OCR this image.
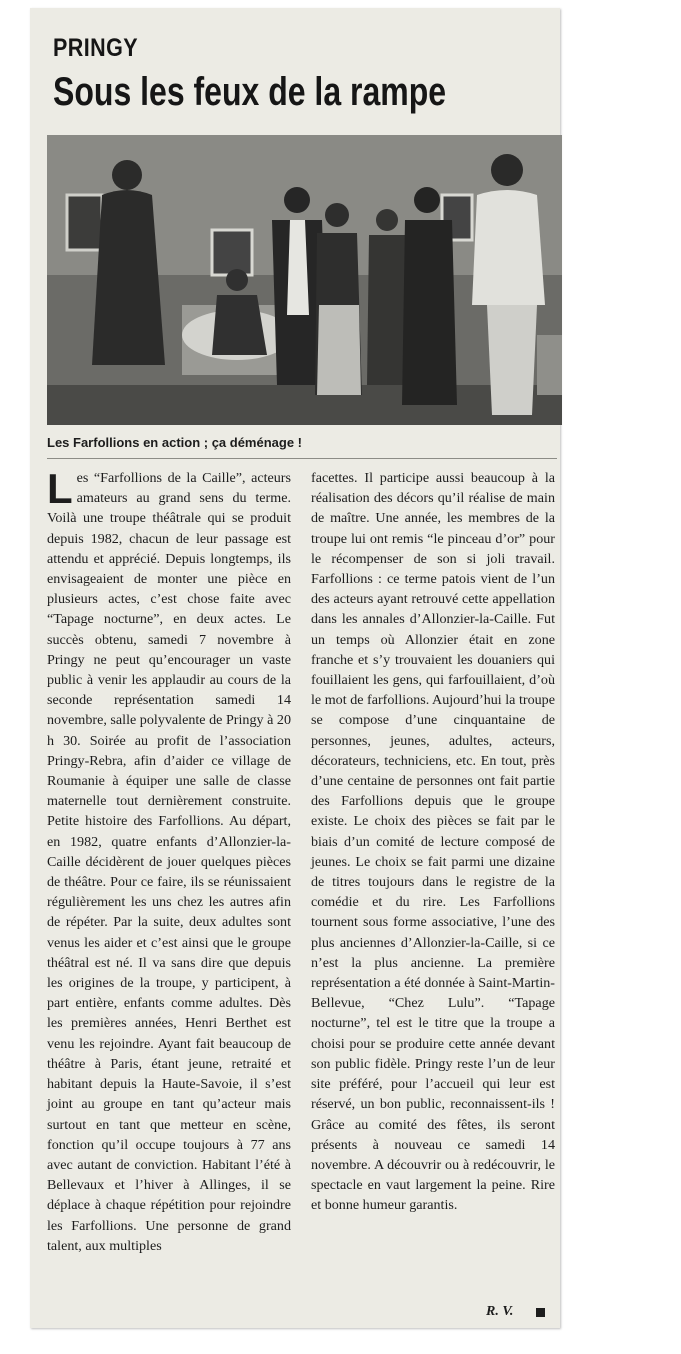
PRINGY
Sous les feux de la rampe

Les Farfollions en action ; ça déménage !

Les “Farfollions de la Caille”, acteurs amateurs au grand sens du terme. Voilà une troupe théâtrale qui se produit depuis 1982, chacun de leur passage est attendu et apprécié. Depuis longtemps, ils envisageaient de monter une pièce en plusieurs actes, c’est chose faite avec “Tapage nocturne”, en deux actes. Le succès obtenu, samedi 7 novembre à Pringy ne peut qu’encourager un vaste public à venir les applaudir au cours de la seconde représentation samedi 14 novembre, salle polyvalente de Pringy à 20 h 30. Soirée au profit de l’association Pringy-Rebra, afin d’aider ce village de Roumanie à équiper une salle de classe maternelle tout dernièrement construite. Petite histoire des Farfollions. Au départ, en 1982, quatre enfants d’Allonzier-la-Caille décidèrent de jouer quelques pièces de théâtre. Pour ce faire, ils se réunissaient régulièrement les uns chez les autres afin de répéter. Par la suite, deux adultes sont venus les aider et c’est ainsi que le groupe théâtral est né. Il va sans dire que depuis les origines de la troupe, y participent, à part entière, enfants comme adultes. Dès les premières années, Henri Berthet est venu les rejoindre. Ayant fait beaucoup de théâtre à Paris, étant jeune, retraité et habitant depuis la Haute-Savoie, il s’est joint au groupe en tant qu’acteur mais surtout en tant que metteur en scène, fonction qu’il occupe toujours à 77 ans avec autant de conviction. Habitant l’été à Bellevaux et l’hiver à Allinges, il se déplace à chaque répétition pour rejoindre les Farfollions. Une personne de grand talent, aux multiples

facettes. Il participe aussi beaucoup à la réalisation des décors qu’il réalise de main de maître. Une année, les membres de la troupe lui ont remis “le pinceau d’or” pour le récompenser de son si joli travail. Farfollions : ce terme patois vient de l’un des acteurs ayant retrouvé cette appellation dans les annales d’Allonzier-la-Caille. Fut un temps où Allonzier était en zone franche et s’y trouvaient les douaniers qui fouillaient les gens, qui farfouillaient, d’où le mot de farfollions. Aujourd’hui la troupe se compose d’une cinquantaine de personnes, jeunes, adultes, acteurs, décorateurs, techniciens, etc. En tout, près d’une centaine de personnes ont fait partie des Farfollions depuis que le groupe existe. Le choix des pièces se fait par le biais d’un comité de lecture composé de jeunes. Le choix se fait parmi une dizaine de titres toujours dans le registre de la comédie et du rire. Les Farfollions tournent sous forme associative, l’une des plus anciennes d’Allonzier-la-Caille, si ce n’est la plus ancienne. La première représentation a été donnée à Saint-Martin-Bellevue, “Chez Lulu”. “Tapage nocturne”, tel est le titre que la troupe a choisi pour se produire cette année devant son public fidèle. Pringy reste l’un de leur site préféré, pour l’accueil qui leur est réservé, un bon public, reconnaissent-ils ! Grâce au comité des fêtes, ils seront présents à nouveau ce samedi 14 novembre. A découvrir ou à redécouvrir, le spectacle en vaut largement la peine. Rire et bonne humeur garantis.

R. V.
